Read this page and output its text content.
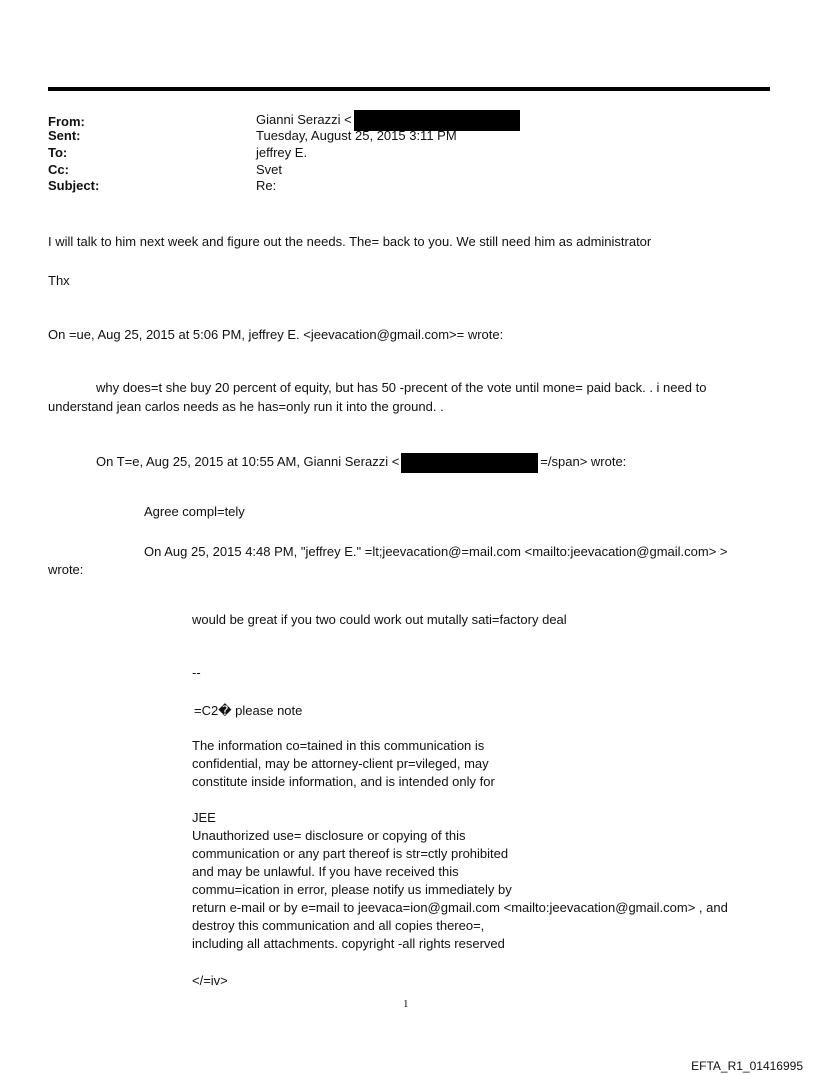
From:	Gianni Serazzi <
Sent:	Tuesday, August 25, 2015 3:11 PM
To:	jeffrey E.
Cc:	Svet
Subject:	Re:
I will talk to him next week and figure out the needs. The= back to you. We still need him as administrator
Thx
On =ue, Aug 25, 2015 at 5:06 PM, jeffrey E. <jeevacation@gmail.com>= wrote:
why does=t she buy 20 percent of equity, but has 50 -precent of the vote until mone= paid back. . i need to
understand jean carlos needs as he has=only run it into the ground. .
On T=e, Aug 25, 2015 at 10:55 AM, Gianni Serazzi <	=/span> wrote:
Agree compl=tely
On Aug 25, 2015 4:48 PM, "jeffrey E." =lt;jeevacation@=mail.com <mailto:jeevacation@gmail.com> >
wrote:
would be great if you two could work out mutally sati=factory deal
--
=C2� please note
The information co=tained in this communication is
confidential, may be attorney-client pr=vileged, may
constitute inside information, and is intended only for
JEE
Unauthorized use= disclosure or copying of this
communication or any part thereof is str=ctly prohibited
and may be unlawful. If you have received this
commu=ication in error, please notify us immediately by
return e-mail or by e=mail to jeevaca=ion@gmail.com <mailto:jeevacation@gmail.com> , and
destroy this communication and all copies thereo=,
including all attachments. copyright -all rights reserved
</=iv>
1
EFTA_R1_01416995
